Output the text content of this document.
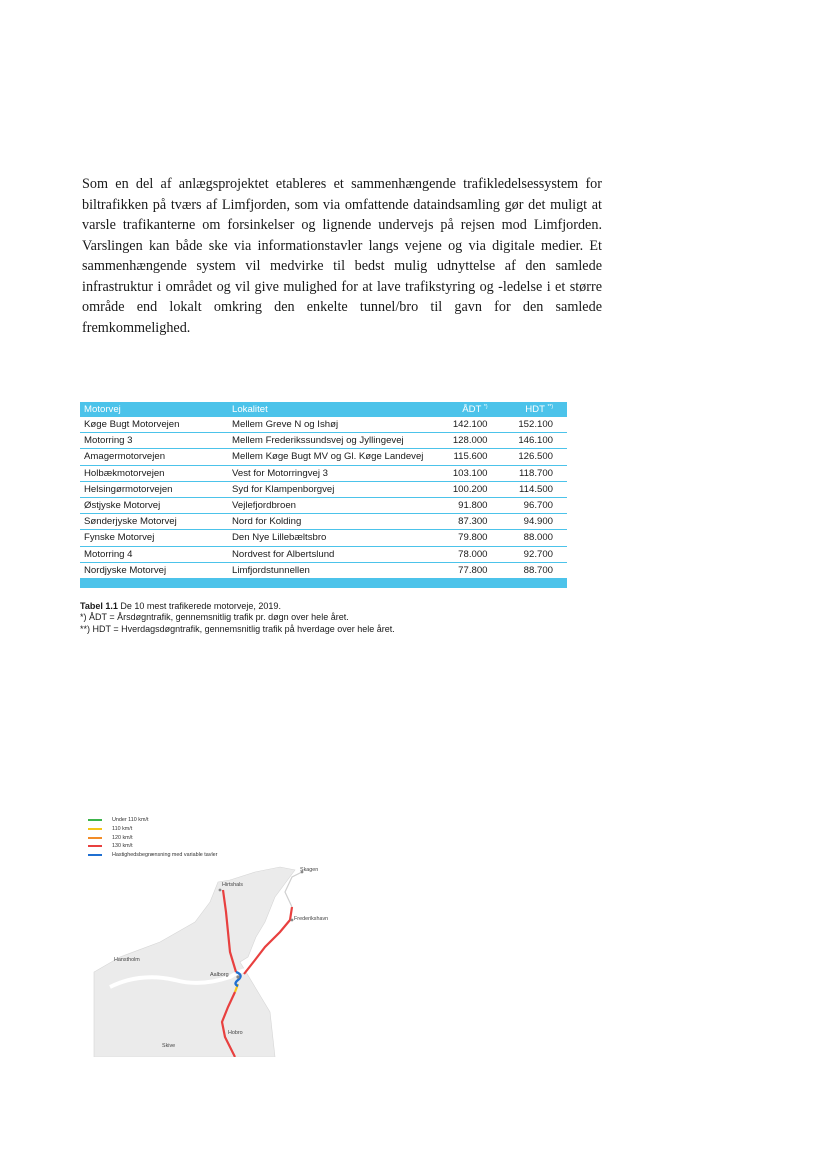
Som en del af anlægsprojektet etableres et sammenhængende trafikledelsessystem for
biltrafikken på tværs af Limfjorden, som via omfattende dataindsamling gør det muligt at
varsle trafikanterne om forsinkelser og lignende undervejs på rejsen mod Limfjorden.
Varslingen kan både ske via informationstavler langs vejene og via digitale medier. Et
sammenhængende system vil medvirke til bedst mulig udnyttelse af den samlede
infrastruktur i området og vil give mulighed for at lave trafikstyring og -ledelse i et større
område end lokalt omkring den enkelte tunnel/bro til gavn for den samlede
fremkommelighed.
Motorvej	Lokalitet	ÅDT *)	HDT **)
Køge Bugt Motorvejen	Mellem Greve N og Ishøj	142.100	152.100
Motorring 3	Mellem Frederikssundsvej og Jyllingevej	128.000	146.100
Amagermotorvejen	Mellem Køge Bugt MV og Gl. Køge Landevej	115.600	126.500
Holbækmotorvejen	Vest for Motorringvej 3	103.100	118.700
Helsingørmotorvejen	Syd for Klampenborgvej	100.200	114.500
Østjyske Motorvej	Vejlefjordbroen	91.800	96.700
Sønderjyske Motorvej	Nord for Kolding	87.300	94.900
Fynske Motorvej	Den Nye Lillebæltsbro	79.800	88.000
Motorring 4	Nordvest for Albertslund	78.000	92.700
Nordjyske Motorvej	Limfjordstunnellen	77.800	88.700

Tabel 1.1 De 10 mest trafikerede motorveje, 2019.
*) ÅDT = Årsdøgntrafik, gennemsnitlig trafik pr. døgn over hele året.
**) HDT = Hverdagsdøgntrafik, gennemsnitlig trafik på hverdage over hele året.
Under 110 km/t
110 km/t
120 km/t
130 km/t
Hastighedsbegrænsning med variable tavler
Skagen
Hirtshals
Frederikshavn
Hanstholm
Aalborg
Hobro
Skive
